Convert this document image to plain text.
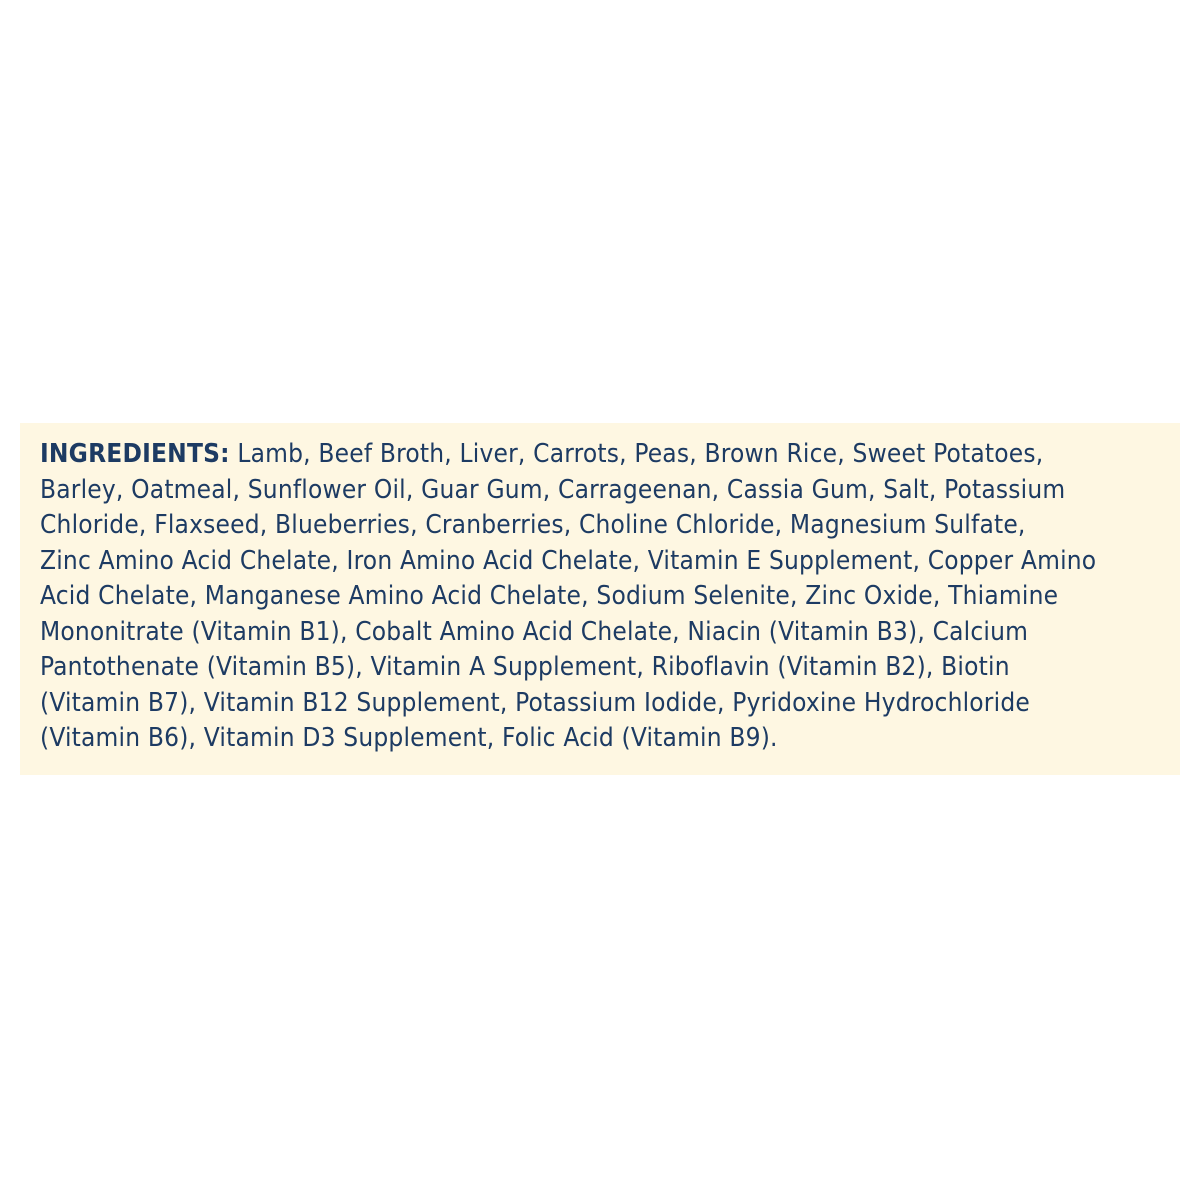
INGREDIENTS: Lamb, Beef Broth, Liver, Carrots, Peas, Brown Rice, Sweet Potatoes,
Barley, Oatmeal, Sunflower Oil, Guar Gum, Carrageenan, Cassia Gum, Salt, Potassium
Chloride, Flaxseed, Blueberries, Cranberries, Choline Chloride, Magnesium Sulfate,
Zinc Amino Acid Chelate, Iron Amino Acid Chelate, Vitamin E Supplement, Copper Amino
Acid Chelate, Manganese Amino Acid Chelate, Sodium Selenite, Zinc Oxide, Thiamine
Mononitrate (Vitamin B1), Cobalt Amino Acid Chelate, Niacin (Vitamin B3), Calcium
Pantothenate (Vitamin B5), Vitamin A Supplement, Riboflavin (Vitamin B2), Biotin
(Vitamin B7), Vitamin B12 Supplement, Potassium Iodide, Pyridoxine Hydrochloride
(Vitamin B6), Vitamin D3 Supplement, Folic Acid (Vitamin B9).
